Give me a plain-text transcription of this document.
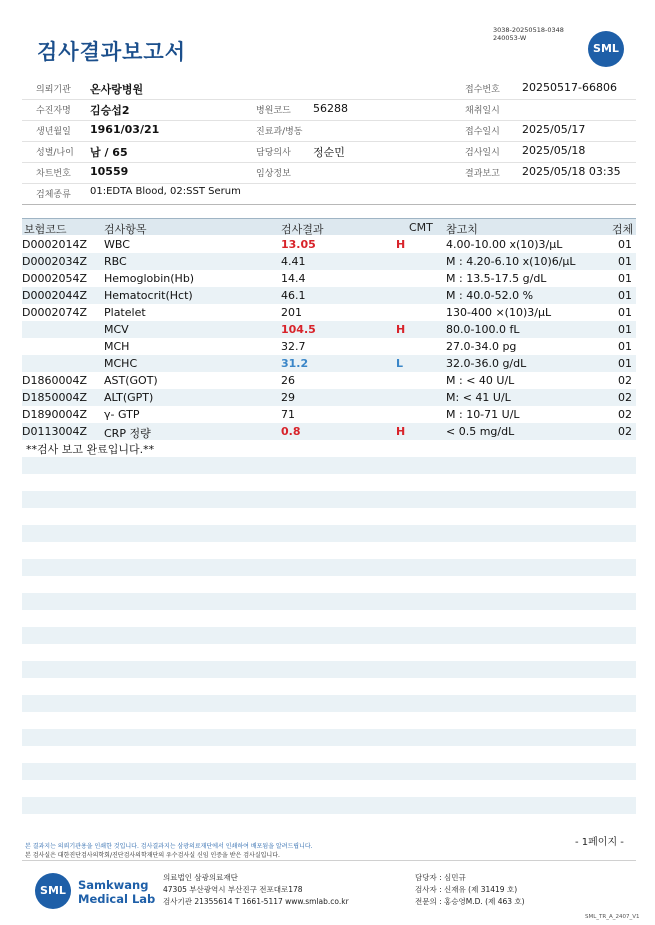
검사결과보고서
3038-20250518-0348
240053-W
SML
의뢰기관 온사랑병원	접수번호 20250517-66806
수진자명 김승섭2	병원코드 56288	채취일시
생년월일 1961/03/21	진료과/병동	접수일시 2025/05/17
성별/나이 남 / 65	담당의사 정순민	검사일시 2025/05/18
차트번호 10559	임상정보	결과보고 2025/05/18 03:35
검체종류 01:EDTA Blood, 02:SST Serum
보험코드	검사항목	검사결과	CMT 참고치	검체
D0002014Z WBC	13.05	H	4.00-10.00 x(10)3/μL	01
D0002034Z RBC	4.41	M : 4.20-6.10 x(10)6/μL	01
D0002054Z Hemoglobin(Hb)	14.4	M : 13.5-17.5 g/dL	01
D0002044Z Hematocrit(Hct)	46.1	M : 40.0-52.0 %	01
D0002074Z Platelet	201	130-400 ×(10)3/μL	01
MCV	104.5	H	80.0-100.0 fL	01
MCH	32.7	27.0-34.0 pg	01
MCHC	31.2	L	32.0-36.0 g/dL	01
D1860004Z AST(GOT)	26	M : < 40 U/L	02
D1850004Z ALT(GPT)	29	M: < 41 U/L	02
D1890004Z γ- GTP	71	M : 10-71 U/L	02
D0113004Z CRP 정량	0.8	H	< 0.5 mg/dL	02
**검사 보고 완료입니다.**
본 결과지는 의뢰기관용을 인쇄한 것입니다. 검사결과지는 삼광의료재단에서 인쇄하여 배포됨을 알려드립니다.
본 검사실은 대한진단검사의학회/진단검사의학재단의 우수검사실 신임 인증을 받은 검사실입니다.
- 1페이지 -
SML	Samkwang
Medical Lab
의료법인 삼광의료재단
47305 부산광역시 부산진구 전포대로178
검사기관 21355614 T 1661-5117 www.smlab.co.kr
담당자 : 심민규
검사자 : 신재유 (제 31419 호)
전문의 : 홍승영M.D. (제 463 호)
SML_TR_A_2407_V1
